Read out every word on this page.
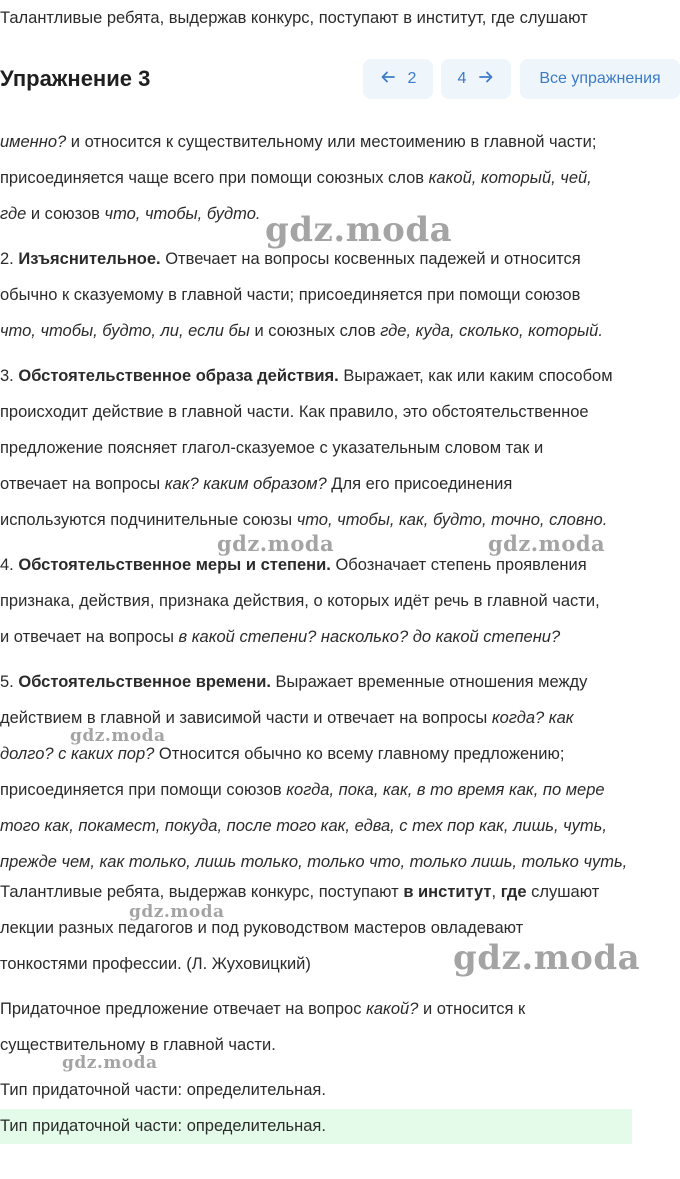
Талантливые ребята, выдержав конкурс, поступают в институт, где слушают
Упражнение 3	2	4	Все упражнения
именно? и относится к существительному или местоимению в главной части;
присоединяется чаще всего при помощи союзных слов какой, который, чей,
где и союзов что, чтобы, будто.
2. Изъяснительное. Отвечает на вопросы косвенных падежей и относится
обычно к сказуемому в главной части; присоединяется при помощи союзов
что, чтобы, будто, ли, если бы и союзных слов где, куда, сколько, который.
3. Обстоятельственное образа действия. Выражает, как или каким способом
происходит действие в главной части. Как правило, это обстоятельственное
предложение поясняет глагол-сказуемое с указательным словом так и
отвечает на вопросы как? каким образом? Для его присоединения
используются подчинительные союзы что, чтобы, как, будто, точно, словно.
4. Обстоятельственное меры и степени. Обозначает степень проявления
признака, действия, признака действия, о которых идёт речь в главной части,
и отвечает на вопросы в какой степени? насколько? до какой степени?
5. Обстоятельственное времени. Выражает временные отношения между
действием в главной и зависимой части и отвечает на вопросы когда? как
долго? с каких пор? Относится обычно ко всему главному предложению;
присоединяется при помощи союзов когда, пока, как, в то время как, по мере
того как, покамест, покуда, после того как, едва, с тех пор как, лишь, чуть,
прежде чем, как только, лишь только, только что, только лишь, только чуть,
Талантливые ребята, выдержав конкурс, поступают в институт, где слушают
лекции разных педагогов и под руководством мастеров овладевают
тонкостями профессии. (Л. Жуховицкий)
Придаточное предложение отвечает на вопрос какой? и относится к
существительному в главной части.
Тип придаточной части: определительная.
Тип придаточной части: определительная.
gdz.moda
gdz.moda	gdz.moda
gdz.moda
gdz.moda
gdz.moda
gdz.moda
